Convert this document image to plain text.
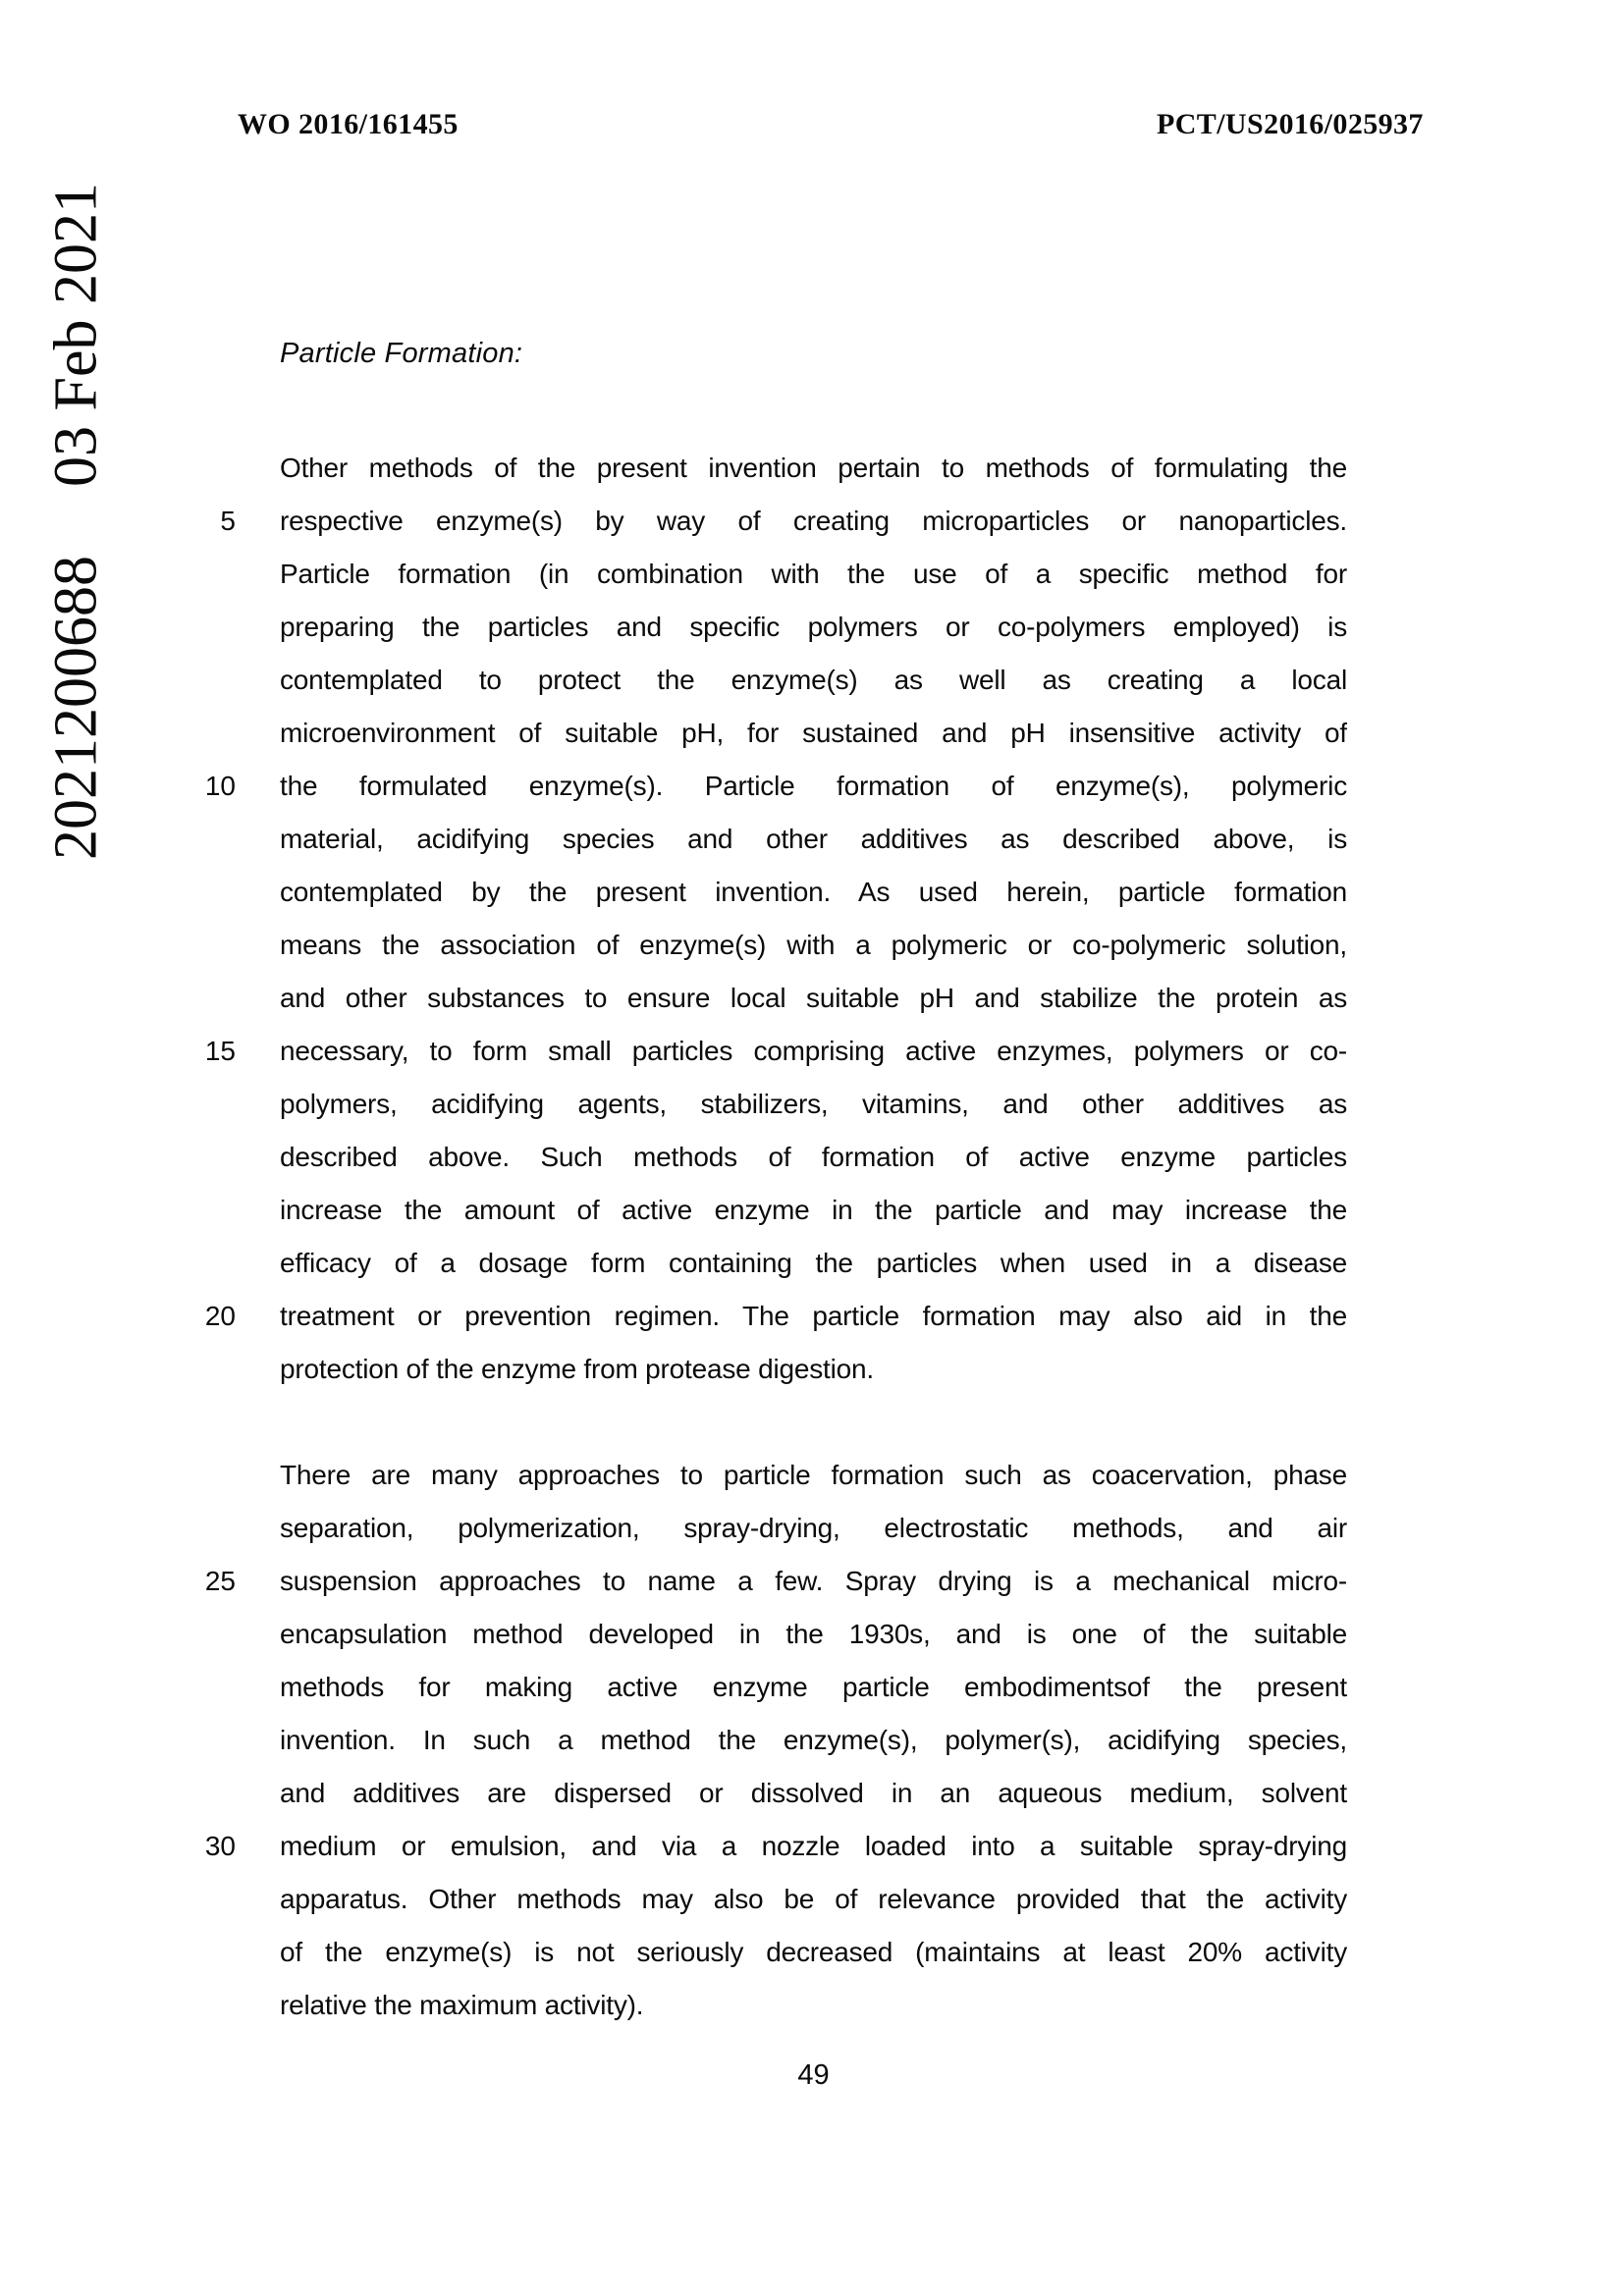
WO 2016/161455	PCT/US2016/025937
2021200688
03 Feb 2021	Particle Formation:
Other methods of the present invention pertain to methods of formulating the
5 respective enzyme(s) by way of creating microparticles or nanoparticles.
Particle formation (in combination with the use of a specific method for
preparing the particles and specific polymers or co-polymers employed) is
contemplated to protect the enzyme(s) as well as creating a local
microenvironment of suitable pH, for sustained and pH insensitive activity of
10 the formulated enzyme(s). Particle formation of enzyme(s), polymeric
material, acidifying species and other additives as described above, is
contemplated by the present invention. As used herein, particle formation
means the association of enzyme(s) with a polymeric or co-polymeric solution,
and other substances to ensure local suitable pH and stabilize the protein as
15 necessary, to form small particles comprising active enzymes, polymers or co-
polymers, acidifying agents, stabilizers, vitamins, and other additives as
described above. Such methods of formation of active enzyme particles
increase the amount of active enzyme in the particle and may increase the
efficacy of a dosage form containing the particles when used in a disease
20 treatment or prevention regimen. The particle formation may also aid in the
protection of the enzyme from protease digestion.
There are many approaches to particle formation such as coacervation, phase
separation, polymerization, spray-drying, electrostatic methods, and air
25 suspension approaches to name a few. Spray drying is a mechanical micro-
encapsulation method developed in the 1930s, and is one of the suitable
methods for making active enzyme particle embodimentsof the present
invention. In such a method the enzyme(s), polymer(s), acidifying species,
and additives are dispersed or dissolved in an aqueous medium, solvent
30 medium or emulsion, and via a nozzle loaded into a suitable spray-drying
apparatus. Other methods may also be of relevance provided that the activity
of the enzyme(s) is not seriously decreased (maintains at least 20% activity
relative the maximum activity).
49
